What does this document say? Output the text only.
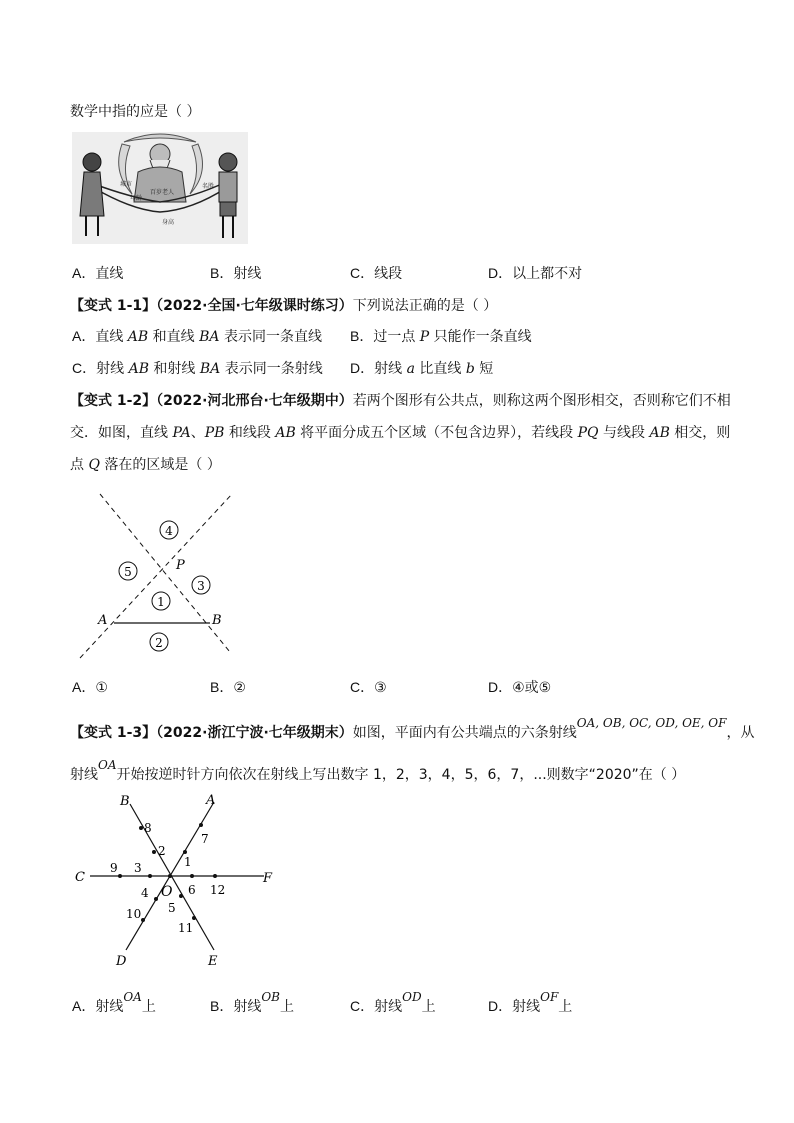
数学中指的应是（ ）
城市	名胜
年龄
身高
百岁老人
A．直线	B．射线	C．线段	D．以上都不对
【变式 1-1】（2022·全国·七年级课时练习）下列说法正确的是（ ）
A．直线 AB 和直线 BA 表示同一条直线 B．过一点 P 只能作一条直线
C．射线 AB 和射线 BA 表示同一条射线 D．射线 a 比直线 b 短
【变式 1-2】（2022·河北邢台·七年级期中）若两个图形有公共点，则称这两个图形相交，否则称它们不相
交．如图，直线 PA、PB 和线段 AB 将平面分成五个区域（不包含边界），若线段 PQ 与线段 AB 相交，则
点 Q 落在的区域是（ ）
P
A	B
4
5
3
1
2
A．①	B．②	C．③	D．④或⑤
【变式 1-3】（2022·浙江宁波·七年级期末）如图，平面内有公共端点的六条射线OA, OB, OC, OD, OE, OF，从
射线OA开始按逆时针方向依次在射线上写出数字 1，2，3，4，5，6，7，...则数字“2020”在（ ）
A
B
C
D	E
F
O
1
2
3
4
5
6
7
8
9
10
11
12
A．射线OA上	B．射线OB上	C．射线OD上	D．射线OF上
